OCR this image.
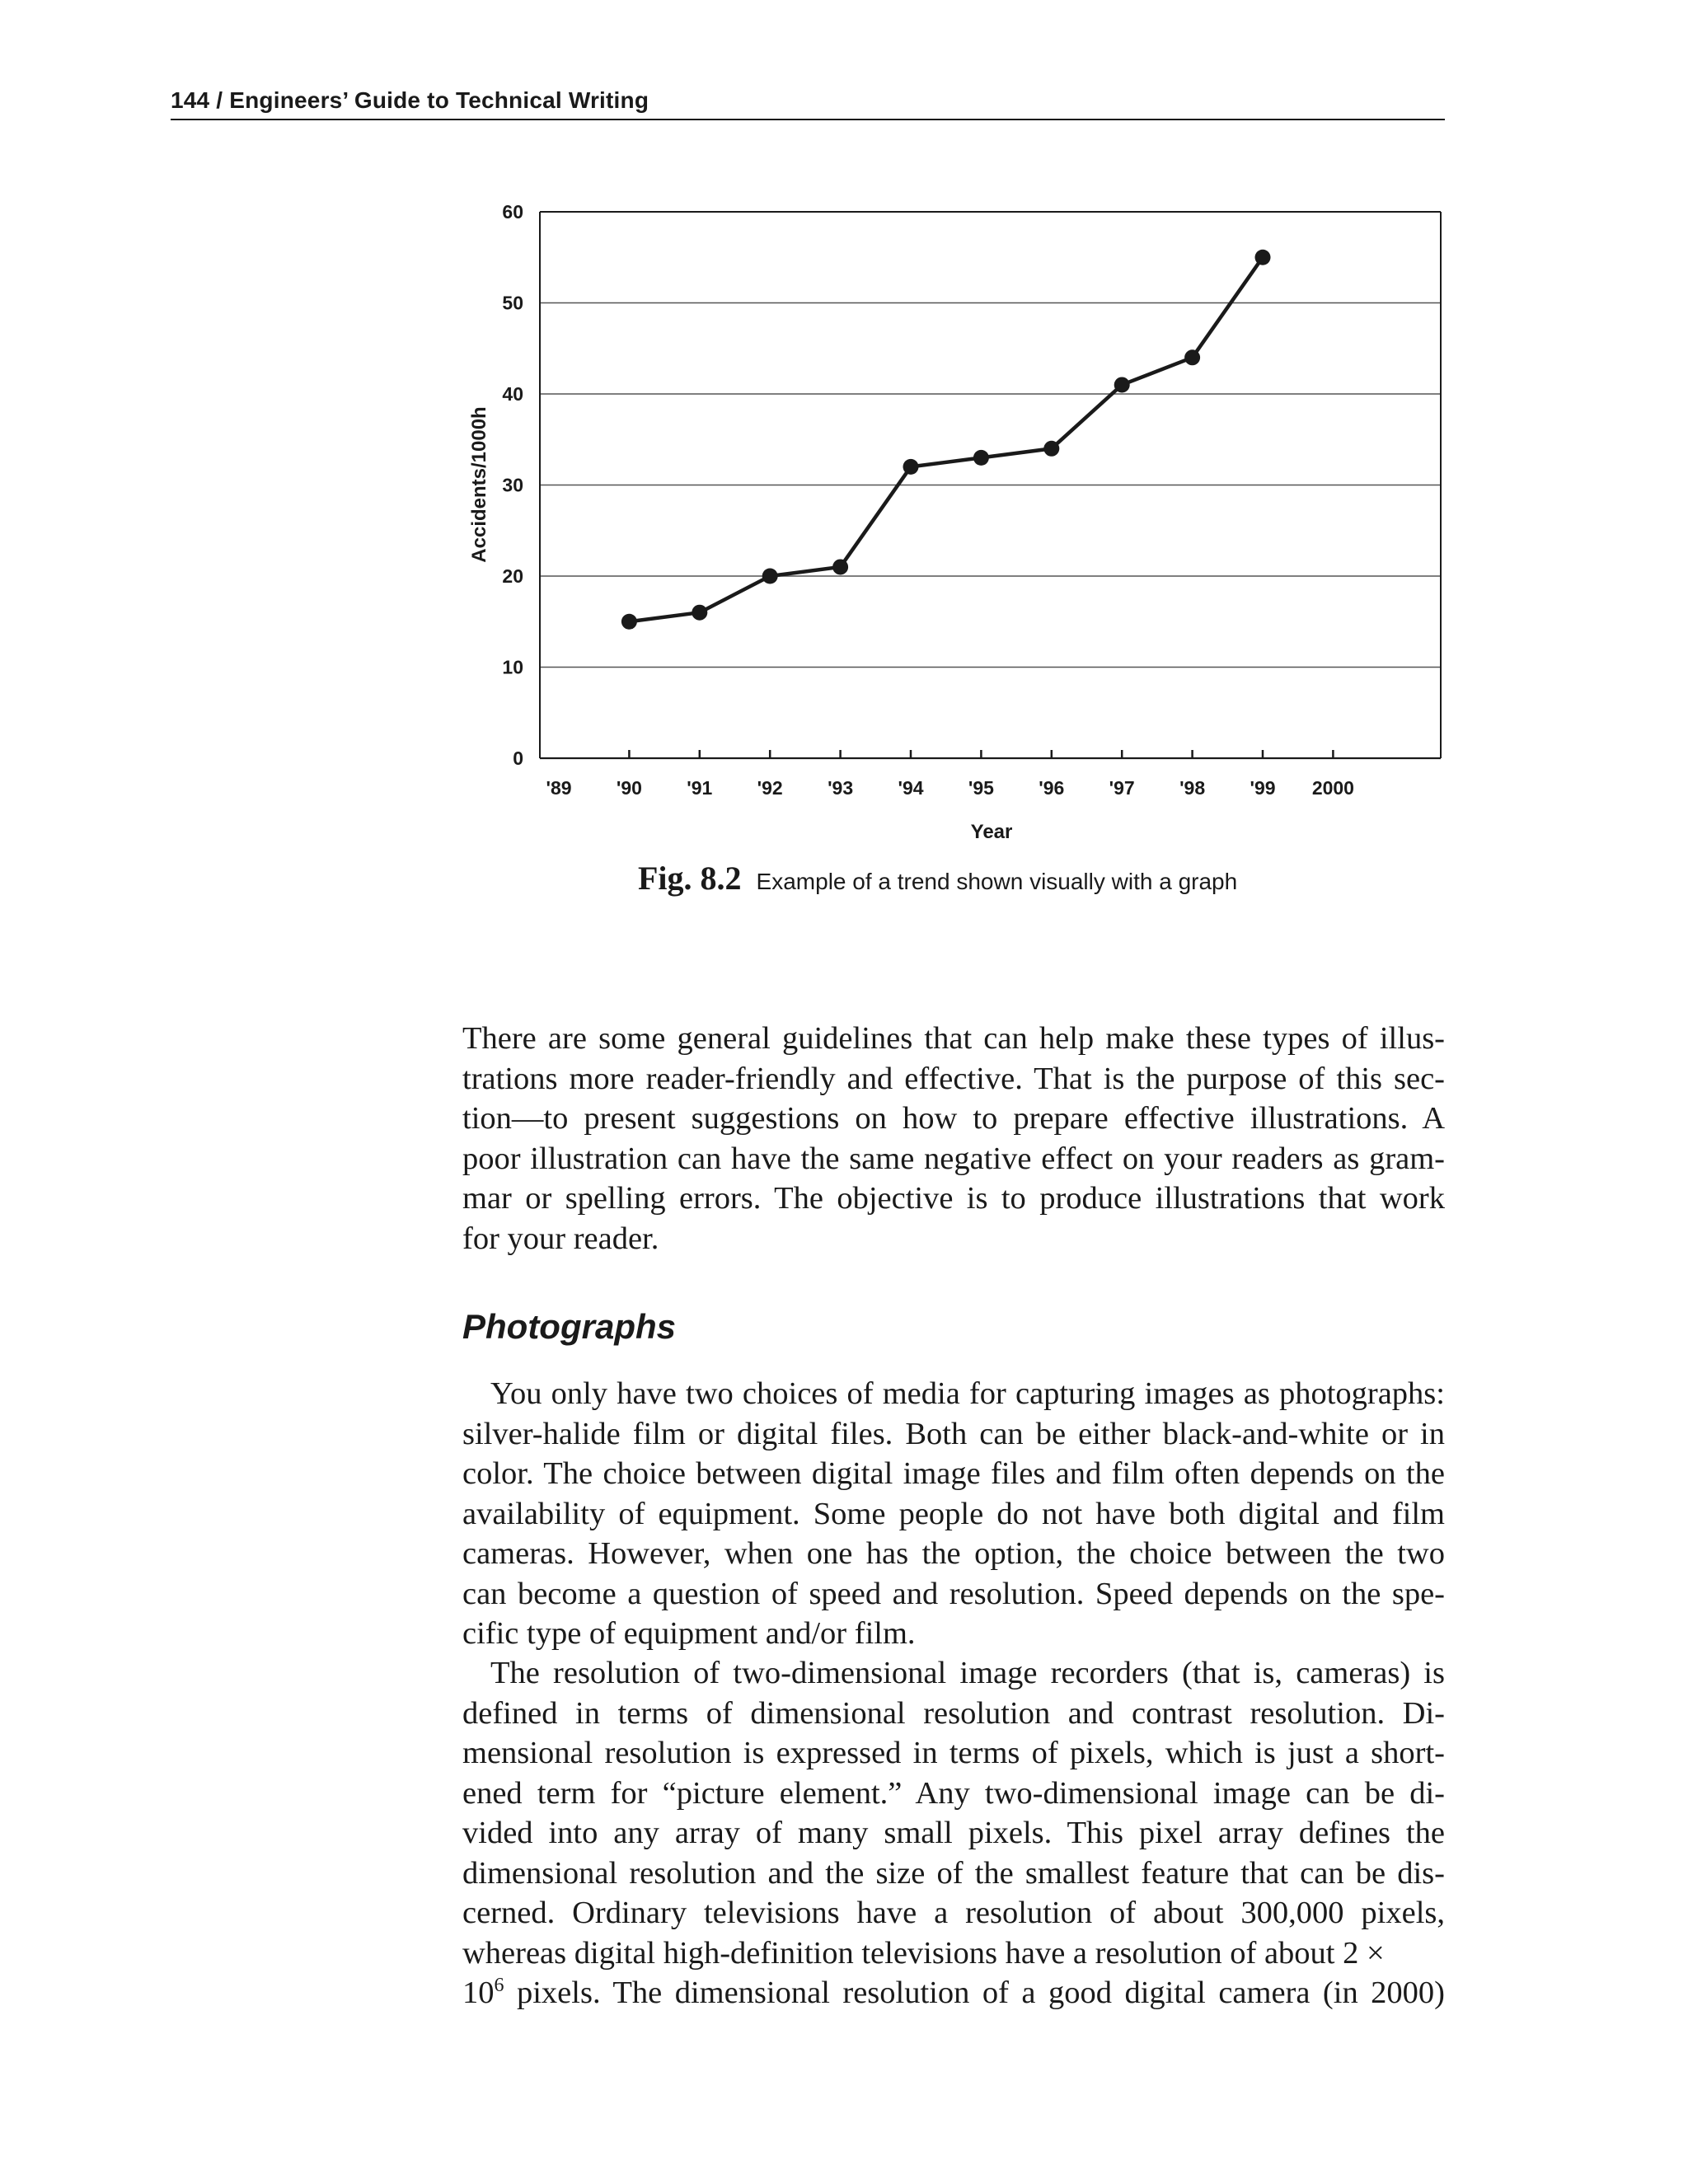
144 / Engineers’ Guide to Technical Writing
0
10
20
30
40
50
60
'89 '90 '91 '92 '93 '94 '95 '96 '97 '98 '99 2000
Year
Accidents/1000h
Fig. 8.2 Example of a trend shown visually with a graph
There are some general guidelines that can help make these types of illus-
trations more reader-friendly and effective. That is the purpose of this sec-
tion—to present suggestions on how to prepare effective illustrations. A
poor illustration can have the same negative effect on your readers as gram-
mar or spelling errors. The objective is to produce illustrations that work
for your reader.
Photographs
You only have two choices of media for capturing images as photographs:
silver-halide film or digital files. Both can be either black-and-white or in
color. The choice between digital image files and film often depends on the
availability of equipment. Some people do not have both digital and film
cameras. However, when one has the option, the choice between the two
can become a question of speed and resolution. Speed depends on the spe-
cific type of equipment and/or film.
The resolution of two-dimensional image recorders (that is, cameras) is
defined in terms of dimensional resolution and contrast resolution. Di-
mensional resolution is expressed in terms of pixels, which is just a short-
ened term for “picture element.” Any two-dimensional image can be di-
vided into any array of many small pixels. This pixel array defines the
dimensional resolution and the size of the smallest feature that can be dis-
cerned. Ordinary televisions have a resolution of about 300,000 pixels,
whereas digital high-definition televisions have a resolution of about 2 ×
$10^6$ pixels. The dimensional resolution of a good digital camera (in 2000)
